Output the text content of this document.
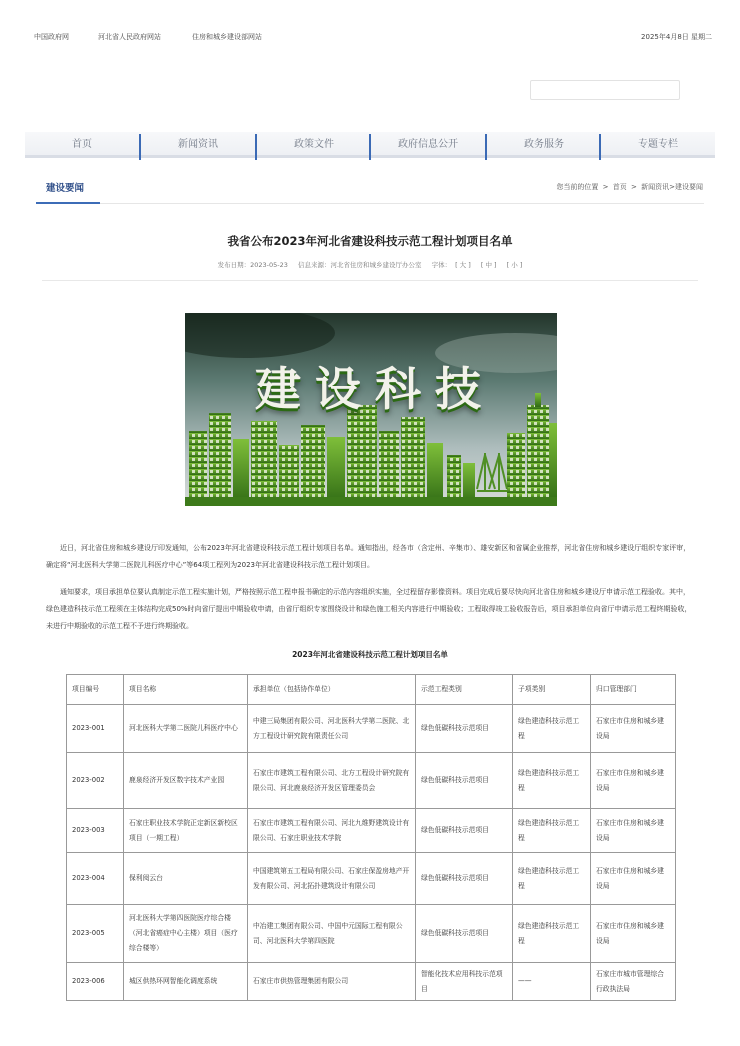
中国政府网	河北省人民政府网站	住房和城乡建设部网站	2025年4月8日 星期二
首页	新闻资讯	政策文件	政府信息公开	政务服务	专题专栏
建设要闻	您当前的位置 > 首页 > 新闻资讯>建设要闻
我省公布2023年河北省建设科技示范工程计划项目名单
发布日期：2023-05-23 信息来源：河北省住房和城乡建设厅办公室 字体： [ 大 ] [ 中 ] [ 小 ]
建设科技

近日，河北省住房和城乡建设厅印发通知，公布2023年河北省建设科技示范工程计划项目名单。通知指出，经各市（含定州、辛集市）、雄安新区和省属企业推荐，河北省住房和城乡建设厅组织专家评审，确定将“河北医科大学第二医院儿科医疗中心”等64项工程列为2023年河北省建设科技示范工程计划项目。

通知要求，项目承担单位要认真制定示范工程实施计划，严格按照示范工程申报书确定的示范内容组织实施，全过程留存影像资料。项目完成后要尽快向河北省住房和城乡建设厅申请示范工程验收。其中，绿色建造科技示范工程须在主体结构完成50%时向省厅提出中期验收申请，由省厅组织专家围绕设计和绿色施工相关内容进行中期验收；工程取得竣工验收报告后，项目承担单位向省厅申请示范工程终期验收，未进行中期验收的示范工程不予进行终期验收。

2023年河北省建设科技示范工程计划项目名单
项目编号	项目名称	承担单位（包括协作单位）	示范工程类别	子项类别	归口管理部门
2023-001	河北医科大学第二医院儿科医疗中心	中建三局集团有限公司、河北医科大学第二医院、北方工程设计研究院有限责任公司	绿色低碳科技示范项目	绿色建造科技示范工程	石家庄市住房和城乡建设局
2023-002	鹿泉经济开发区数字技术产业园	石家庄市建筑工程有限公司、北方工程设计研究院有限公司、河北鹿泉经济开发区管理委员会	绿色低碳科技示范项目	绿色建造科技示范工程	石家庄市住房和城乡建设局
2023-003	石家庄职业技术学院正定新区新校区项目（一期工程）	石家庄市建筑工程有限公司、河北九维野建筑设计有限公司、石家庄职业技术学院	绿色低碳科技示范项目	绿色建造科技示范工程	石家庄市住房和城乡建设局
2023-004	保利阅云台	中国建筑第五工程局有限公司、石家庄保盈房地产开发有限公司、河北拓扑建筑设计有限公司	绿色低碳科技示范项目	绿色建造科技示范工程	石家庄市住房和城乡建设局
2023-005	河北医科大学第四医院医疗综合楼（河北省癌症中心主楼）项目（医疗综合楼等）	中冶建工集团有限公司、中国中元国际工程有限公司、河北医科大学第四医院	绿色低碳科技示范项目	绿色建造科技示范工程	石家庄市住房和城乡建设局
2023-006	城区供热环网智能化调度系统	石家庄市供热管理集团有限公司	智能化技术应用科技示范项目	——	石家庄市城市管理综合行政执法局
